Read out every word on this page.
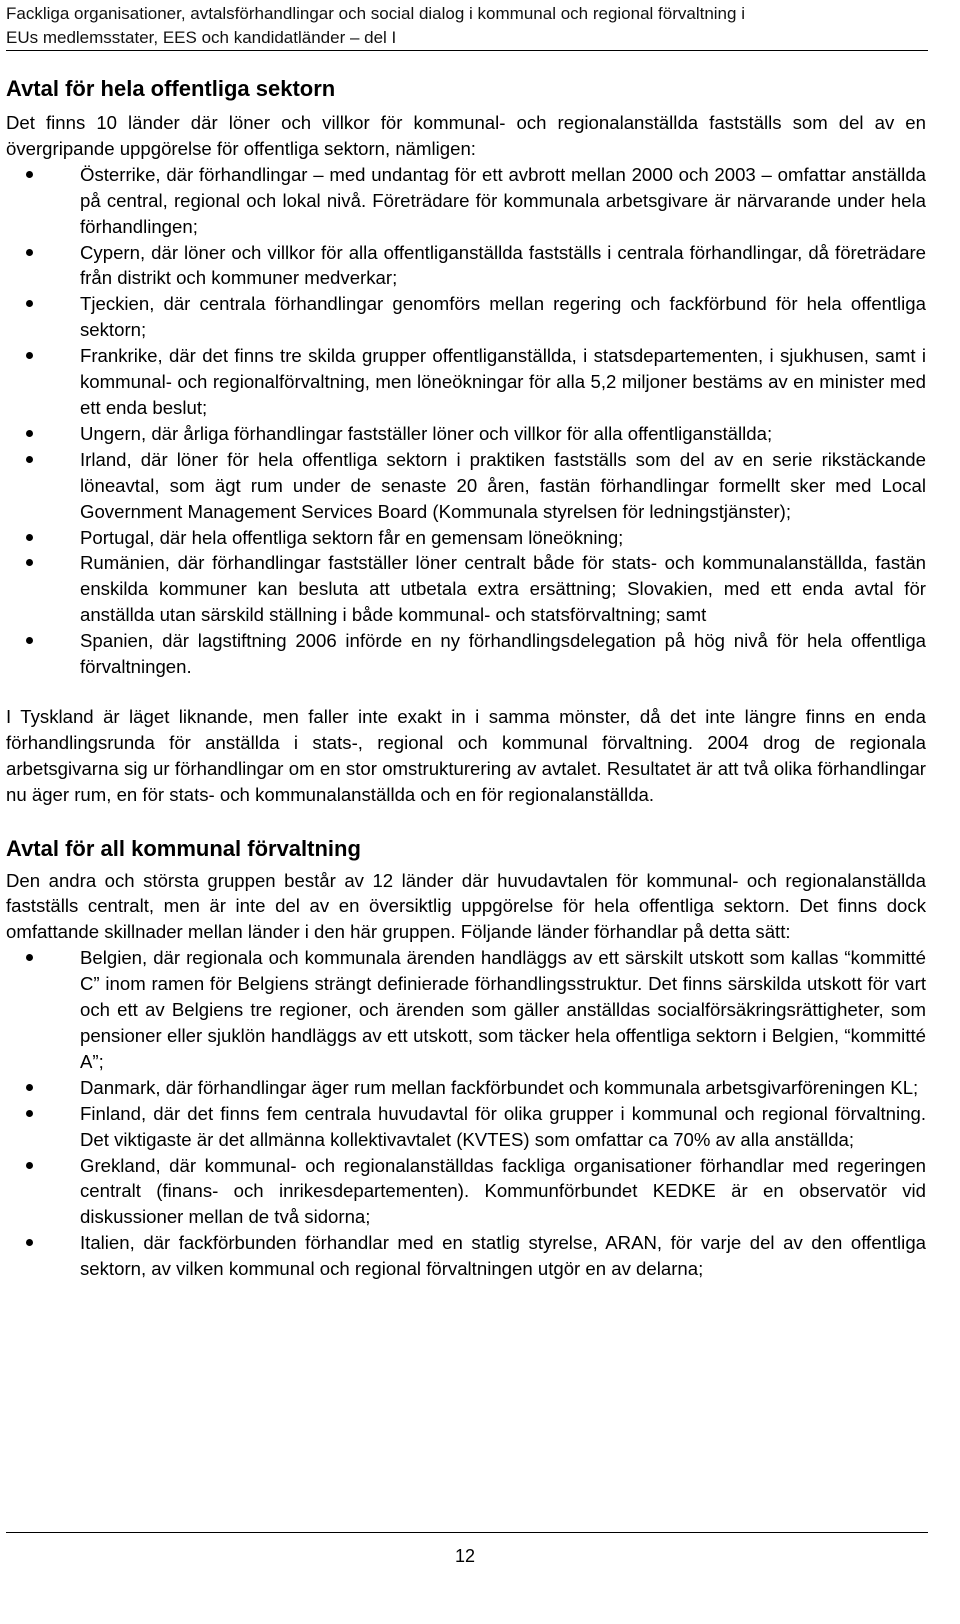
Fackliga organisationer, avtalsförhandlingar och social dialog i kommunal och regional förvaltning i
EUs medlemsstater, EES och kandidatländer – del I
Avtal för hela offentliga sektorn

Det finns 10 länder där löner och villkor för kommunal- och regionalanställda fastställs som del av en övergripande uppgörelse för offentliga sektorn, nämligen:

Österrike, där förhandlingar – med undantag för ett avbrott mellan 2000 och 2003 – omfattar anställda på central, regional och lokal nivå. Företrädare för kommunala arbetsgivare är närvarande under hela förhandlingen;
Cypern, där löner och villkor för alla offentliganställda fastställs i centrala förhandlingar, då företrädare från distrikt och kommuner medverkar;
Tjeckien, där centrala förhandlingar genomförs mellan regering och fackförbund för hela offentliga sektorn;
Frankrike, där det finns tre skilda grupper offentliganställda, i statsdepartementen, i sjukhusen, samt i kommunal- och regionalförvaltning, men löneökningar för alla 5,2 miljoner bestäms av en minister med ett enda beslut;
Ungern, där årliga förhandlingar fastställer löner och villkor för alla offentliganställda;
Irland, där löner för hela offentliga sektorn i praktiken fastställs som del av en serie rikstäckande löneavtal, som ägt rum under de senaste 20 åren, fastän förhandlingar formellt sker med Local Government Management Services Board (Kommunala styrelsen för ledningstjänster);
Portugal, där hela offentliga sektorn får en gemensam löneökning;
Rumänien, där förhandlingar fastställer löner centralt både för stats- och kommunalanställda, fastän enskilda kommuner kan besluta att utbetala extra ersättning; Slovakien, med ett enda avtal för anställda utan särskild ställning i både kommunal- och statsförvaltning; samt
Spanien, där lagstiftning 2006 införde en ny förhandlingsdelegation på hög nivå för hela offentliga förvaltningen.

I Tyskland är läget liknande, men faller inte exakt in i samma mönster, då det inte längre finns en enda förhandlingsrunda för anställda i stats-, regional och kommunal förvaltning. 2004 drog de regionala arbetsgivarna sig ur förhandlingar om en stor omstrukturering av avtalet. Resultatet är att två olika förhandlingar nu äger rum, en för stats- och kommunalanställda och en för regionalanställda.

Avtal för all kommunal förvaltning

Den andra och största gruppen består av 12 länder där huvudavtalen för kommunal- och regionalanställda fastställs centralt, men är inte del av en översiktlig uppgörelse för hela offentliga sektorn. Det finns dock omfattande skillnader mellan länder i den här gruppen. Följande länder förhandlar på detta sätt:

Belgien, där regionala och kommunala ärenden handläggs av ett särskilt utskott som kallas “kommitté C” inom ramen för Belgiens strängt definierade förhandlingsstruktur. Det finns särskilda utskott för vart och ett av Belgiens tre regioner, och ärenden som gäller anställdas socialförsäkringsrättigheter, som pensioner eller sjuklön handläggs av ett utskott, som täcker hela offentliga sektorn i Belgien, “kommitté A”;
Danmark, där förhandlingar äger rum mellan fackförbundet och kommunala arbetsgivarföreningen KL;
Finland, där det finns fem centrala huvudavtal för olika grupper i kommunal och regional förvaltning. Det viktigaste är det allmänna kollektivavtalet (KVTES) som omfattar ca 70% av alla anställda;
Grekland, där kommunal- och regionalanställdas fackliga organisationer förhandlar med regeringen centralt (finans- och inrikesdepartementen). Kommunförbundet KEDKE är en observatör vid diskussioner mellan de två sidorna;
Italien, där fackförbunden förhandlar med en statlig styrelse, ARAN, för varje del av den offentliga sektorn, av vilken kommunal och regional förvaltningen utgör en av delarna;
12
